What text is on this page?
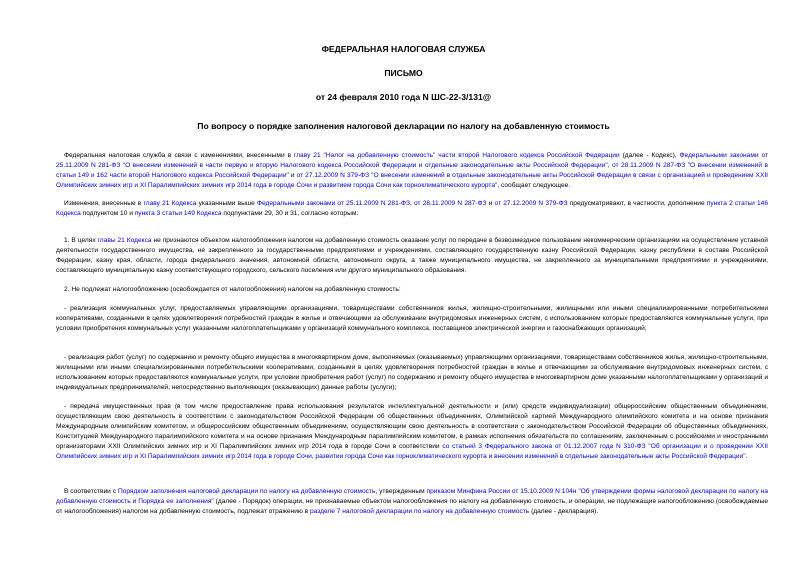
ФЕДЕРАЛЬНАЯ НАЛОГОВАЯ СЛУЖБА
ПИСЬМО
от 24 февраля 2010 года N ШС-22-3/131@
По вопросу о порядке заполнения налоговой декларации по налогу на добавленную стоимость
Федеральная налоговая служба в связи с изменениями, внесенными в главу 21 "Налог на добавленную стоимость" части второй Налогового кодекса Российской Федерации (далее - Кодекс), Федеральными законами от 25.11.2009 N 281-ФЗ "О внесении изменений в части первую и вторую Налогового кодекса Российской Федерации и отдельные законодательные акты Российской Федерации", от 28.11.2009 N 287-ФЗ "О внесении изменений в статьи 149 и 162 части второй Налогового кодекса Российской Федерации" и от 27.12.2009 N 379-ФЗ "О внесении изменений в отдельные законодательные акты Российской Федерации в связи с организацией и проведением XXII Олимпийских зимних игр и XI Паралимпийских зимних игр 2014 года в городе Сочи и развитием города Сочи как горноклиматического курорта", сообщает следующее.
Изменения, внесенные в главу 21 Кодекса указанными выше Федеральными законами от 25.11.2009 N 281-ФЗ, от 28.11.2009 N 287-ФЗ и от 27.12.2009 N 379-ФЗ предусматривают, в частности, дополнение пункта 2 статьи 146 Кодекса подпунктом 10 и пункта 3 статьи 149 Кодекса подпунктами 29, 30 и 31, согласно которым:
1. В целях главы 21 Кодекса не признаются объектом налогообложения налогом на добавленную стоимость оказание услуг по передаче в безвозмездное пользование некоммерческим организациям на осуществление уставной деятельности государственного имущества, не закрепленного за государственными предприятиями и учреждениями, составляющего государственную казну Российской Федерации, казну республики в составе Российской Федерации, казну края, области, города федерального значения, автономной области, автономного округа, а также муниципального имущества, не закрепленного за муниципальными предприятиями и учреждениями, составляющего муниципальную казну соответствующего городского, сельского поселения или другого муниципального образования.
2. Не подлежат налогообложению (освобождается от налогообложения) налогом на добавленную стоимость:
- реализация коммунальных услуг, предоставляемых управляющими организациями, товариществами собственников жилья, жилищно-строительными, жилищными или иными специализированными потребительскими кооперативами, созданными в целях удовлетворения потребностей граждан в жилье и отвечающими за обслуживание внутридомовых инженерных систем, с использованием которых предоставляются коммунальные услуги, при условии приобретения коммунальных услуг указанными налогоплательщиками у организаций коммунального комплекса, поставщиков электрической энергии и газоснабжающих организаций;
- реализация работ (услуг) по содержанию и ремонту общего имущества в многоквартирном доме, выполняемых (оказываемых) управляющими организациями, товариществами собственников жилья, жилищно-строительными, жилищными или иными специализированными потребительскими кооперативами, созданными в целях удовлетворения потребностей граждан в жилье и отвечающими за обслуживание внутридомовых инженерных систем, с использованием которых предоставляются коммунальные услуги, при условии приобретения работ (услуг) по содержанию и ремонту общего имущества в многоквартирном доме указанными налогоплательщиками у организаций и индивидуальных предпринимателей, непосредственно выполняющих (оказывающих) данные работы (услуги);
- передача имущественных прав (в том числе предоставление права использования результатов интеллектуальной деятельности и (или) средств индивидуализации) общероссийским общественным объединениям, осуществляющим свою деятельность в соответствии с законодательством Российской Федерации об общественных объединениях, Олимпийской хартией Международного олимпийского комитета и на основе признания Международным олимпийским комитетом, и общероссийским общественным объединениям, осуществляющим свою деятельность в соответствии с законодательством Российской Федерации об общественных объединениях, Конституцией Международного паралимпийского комитета и на основе признания Международным паралимпийским комитетом, в рамках исполнения обязательств по соглашениям, заключенным с российскими и иностранными организаторами XXII Олимпийских зимних игр и XI Паралимпийских зимних игр 2014 года в городе Сочи в соответствии со статьей 3 Федерального закона от 01.12.2007 года N 310-ФЗ "Об организации и о проведении XXII Олимпийских зимних игр и XI Паралимпийских зимних игр 2014 года в городе Сочи, развитии города Сочи как горноклиматического курорта и внесении изменений в отдельные законодательные акты Российской Федерации".
В соответствии с Порядком заполнения налоговой декларации по налогу на добавленную стоимость, утвержденным приказом Минфина России от 15.10.2009 N 104н "Об утверждении формы налоговой декларации по налогу на добавленную стоимость и Порядка ее заполнения" (далее - Порядок) операции, не признаваемые объектом налогообложения по налогу на добавленную стоимость, и операции, не подлежащие налогообложению (освобождаемые от налогообложения) налогом на добавленную стоимость, подлежат отражению в разделе 7 налоговой декларации по налогу на добавленную стоимость (далее - декларация).
